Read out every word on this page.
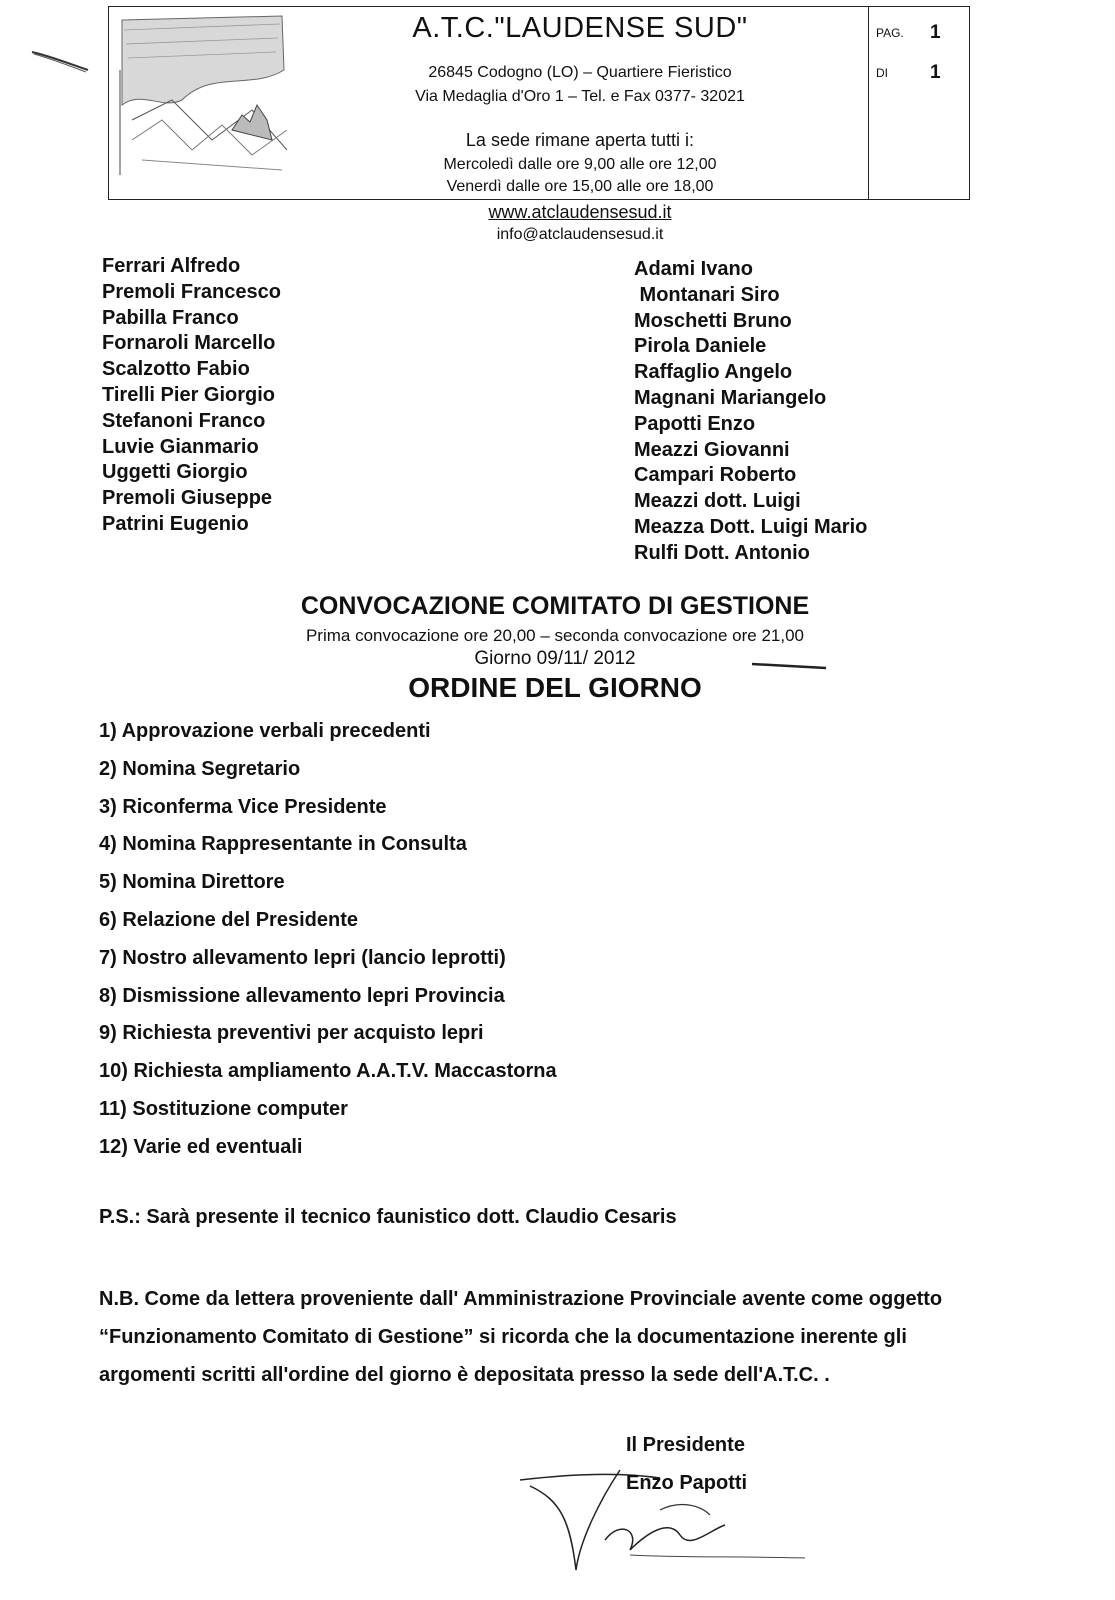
A.T.C."LAUDENSE SUD"
26845 Codogno (LO) – Quartiere Fieristico
Via Medaglia d'Oro 1 – Tel. e Fax 0377- 32021
La sede rimane aperta tutti i:
Mercoledì dalle ore 9,00 alle ore 12,00
Venerdì dalle ore 15,00 alle ore 18,00
PAG. 1
DI 1
www.atclaudensesud.it
info@atclaudensesud.it
Ferrari Alfredo
Premoli Francesco
Pabilla Franco
Fornaroli Marcello
Scalzotto Fabio
Tirelli Pier Giorgio
Stefanoni Franco
Luvie Gianmario
Uggetti Giorgio
Premoli Giuseppe
Patrini Eugenio
Adami Ivano
Montanari Siro
Moschetti Bruno
Pirola Daniele
Raffaglio Angelo
Magnani Mariangelo
Papotti Enzo
Meazzi Giovanni
Campari Roberto
Meazzi dott. Luigi
Meazza Dott. Luigi Mario
Rulfi Dott. Antonio
CONVOCAZIONE COMITATO DI GESTIONE
Prima convocazione ore 20,00 – seconda convocazione ore 21,00
Giorno 09/11/ 2012
ORDINE DEL GIORNO
1) Approvazione verbali precedenti
2) Nomina Segretario
3) Riconferma Vice Presidente
4) Nomina Rappresentante in Consulta
5) Nomina Direttore
6) Relazione del Presidente
7) Nostro allevamento lepri (lancio leprotti)
8) Dismissione allevamento lepri Provincia
9) Richiesta preventivi per acquisto lepri
10) Richiesta ampliamento A.A.T.V. Maccastorna
11) Sostituzione computer
12) Varie ed eventuali
P.S.: Sarà presente il tecnico faunistico dott. Claudio Cesaris
N.B. Come da lettera proveniente dall' Amministrazione Provinciale avente come oggetto “Funzionamento Comitato di Gestione” si ricorda che la documentazione inerente gli argomenti scritti all'ordine del giorno è depositata presso la sede dell'A.T.C. .
Il Presidente
Enzo Papotti
